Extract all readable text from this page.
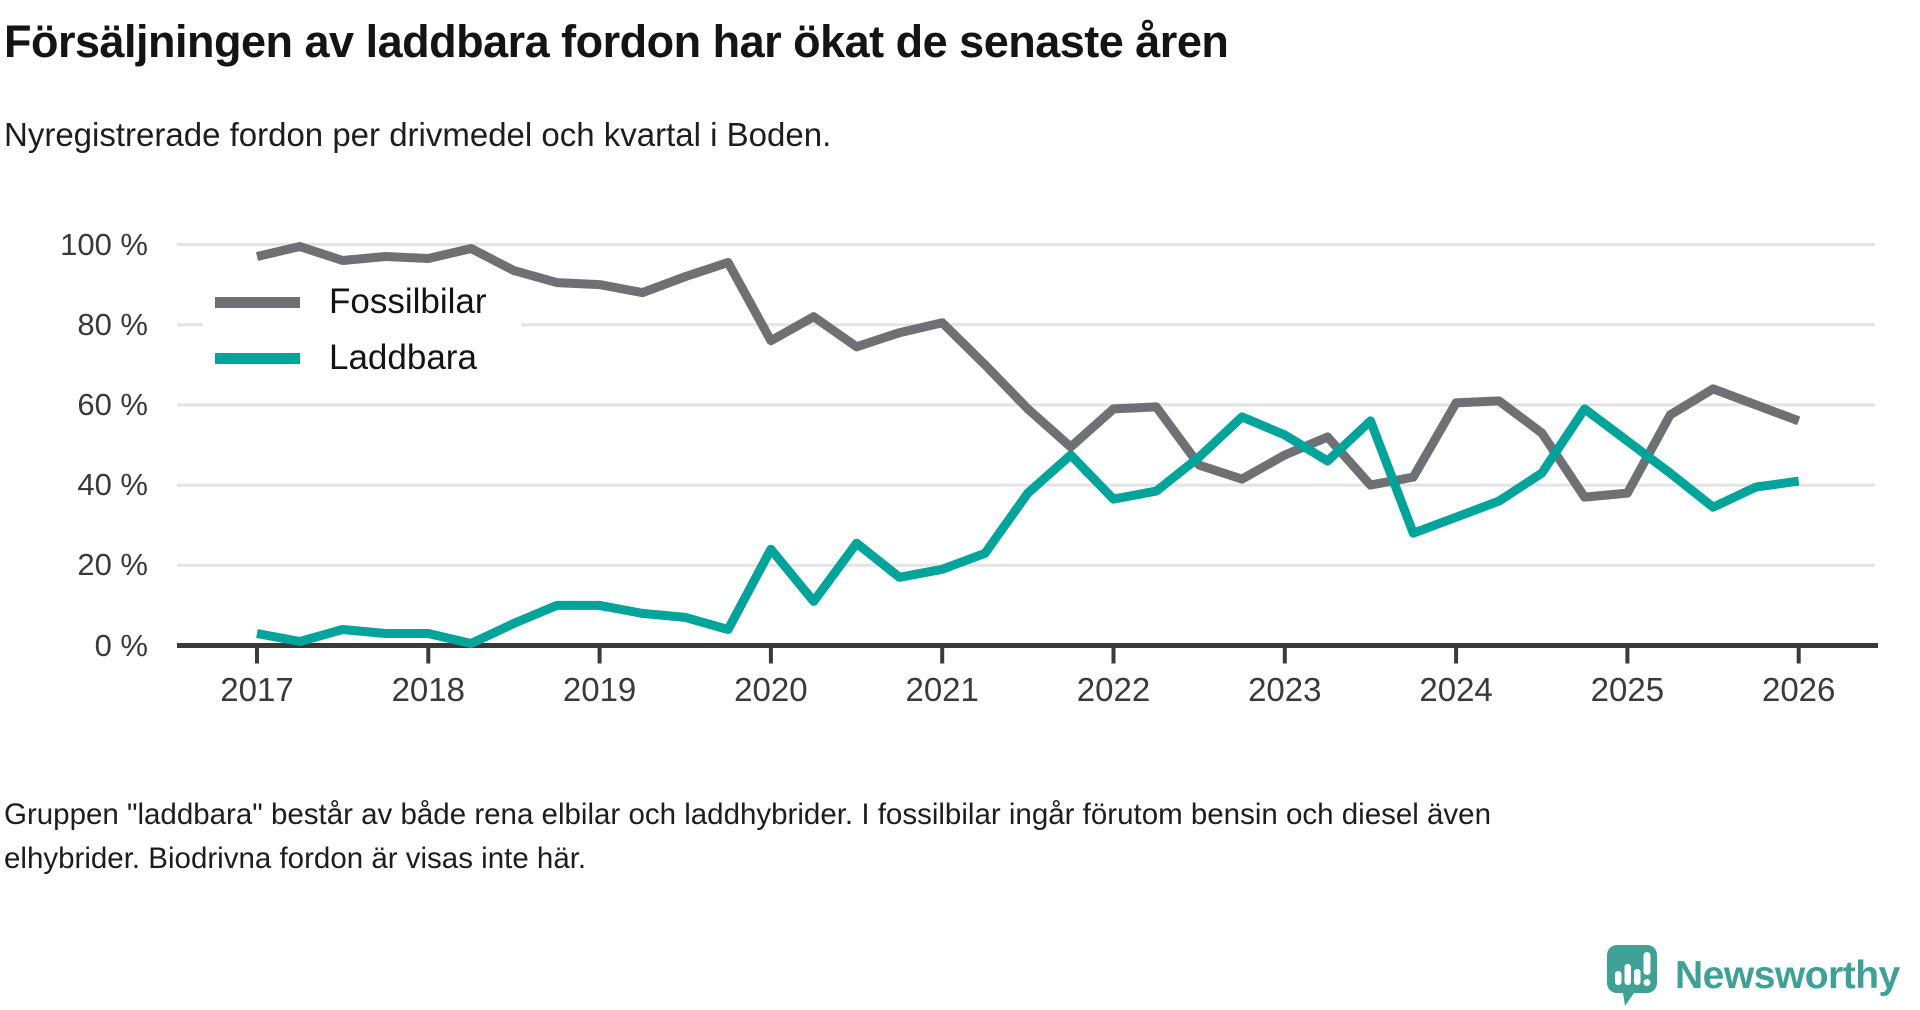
Försäljningen av laddbara fordon har ökat de senaste åren
Nyregistrerade fordon per drivmedel och kvartal i Boden.
0 %
20 %
40 %
60 %
80 %
100 %
2017	2018	2019	2020	2021	2022	2023	2024	2025	2026
Fossilbilar
Laddbara
Gruppen "laddbara" består av både rena elbilar och laddhybrider. I fossilbilar ingår förutom bensin och diesel även
elhybrider. Biodrivna fordon är visas inte här.
Newsworthy
